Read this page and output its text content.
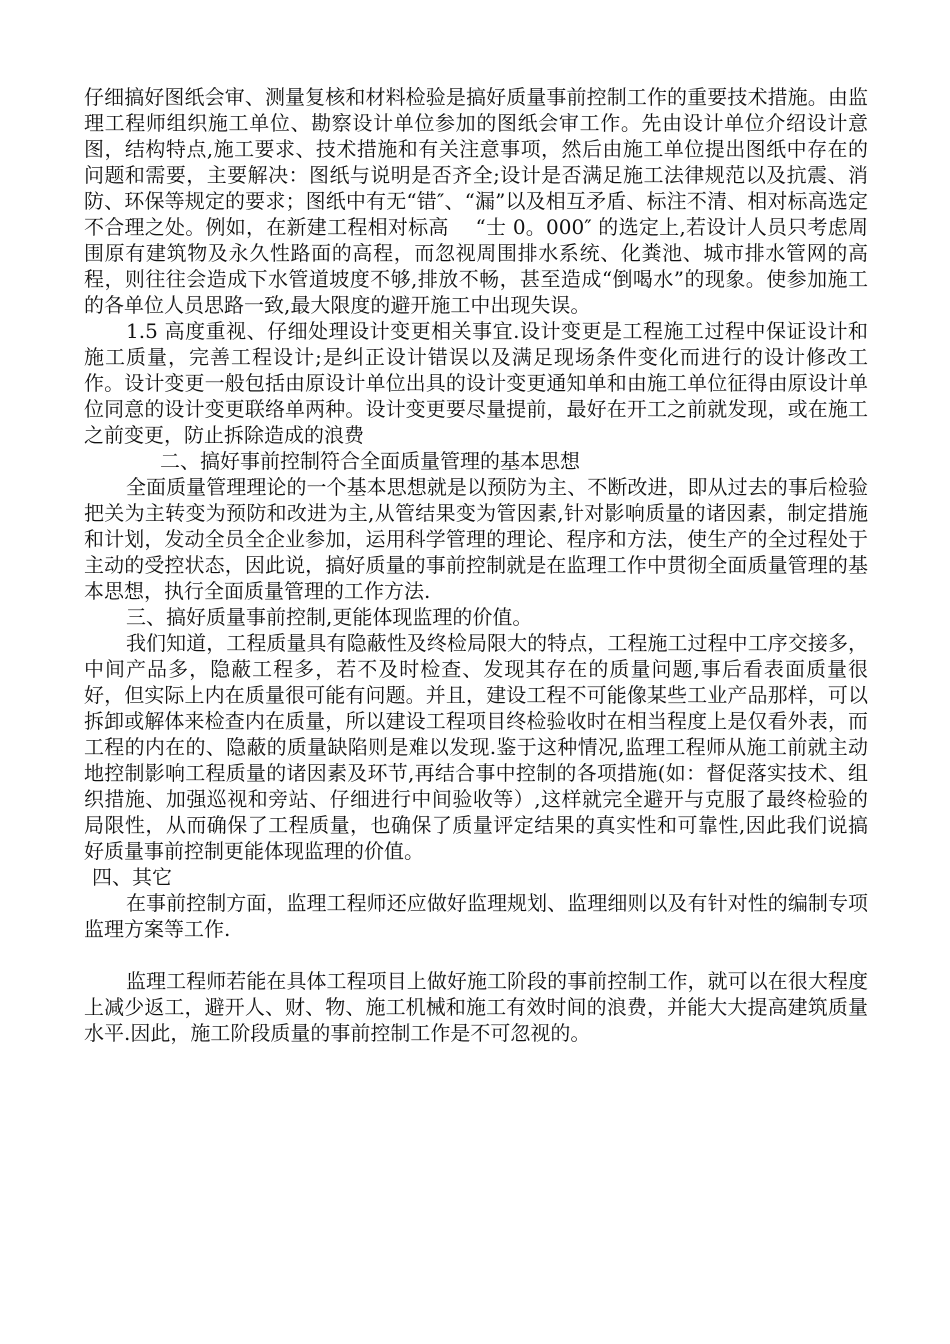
仔细搞好图纸会审、测量复核和材料检验是搞好质量事前控制工作的重要技术措施。由监理工程师组织施工单位、勘察设计单位参加的图纸会审工作。先由设计单位介绍设计意图，结构特点,施工要求、技术措施和有关注意事项，然后由施工单位提出图纸中存在的问题和需要，主要解决：图纸与说明是否齐全;设计是否满足施工法律规范以及抗震、消防、环保等规定的要求；图纸中有无“错″、“漏”以及相互矛盾、标注不清、相对标高选定不合理之处。例如，在新建工程相对标高　 “士 0。000″ 的选定上,若设计人员只考虑周围原有建筑物及永久性路面的高程，而忽视周围排水系统、化粪池、城市排水管网的高程，则往往会造成下水管道坡度不够,排放不畅，甚至造成“倒喝水”的现象。使参加施工的各单位人员思路一致,最大限度的避开施工中出现失误。

1.5 高度重视、仔细处理设计变更相关事宜.设计变更是工程施工过程中保证设计和施工质量，完善工程设计;是纠正设计错误以及满足现场条件变化而进行的设计修改工作。设计变更一般包括由原设计单位出具的设计变更通知单和由施工单位征得由原设计单位同意的设计变更联络单两种。设计变更要尽量提前，最好在开工之前就发现，或在施工之前变更，防止拆除造成的浪费

二、搞好事前控制符合全面质量管理的基本思想

全面质量管理理论的一个基本思想就是以预防为主、不断改进，即从过去的事后检验把关为主转变为预防和改进为主,从管结果变为管因素,针对影响质量的诸因素，制定措施和计划，发动全员全企业参加，运用科学管理的理论、程序和方法，使生产的全过程处于主动的受控状态，因此说，搞好质量的事前控制就是在监理工作中贯彻全面质量管理的基本思想，执行全面质量管理的工作方法.

三、搞好质量事前控制,更能体现监理的价值。

我们知道，工程质量具有隐蔽性及终检局限大的特点，工程施工过程中工序交接多，中间产品多，隐蔽工程多，若不及时检查、发现其存在的质量问题,事后看表面质量很好，但实际上内在质量很可能有问题。并且，建设工程不可能像某些工业产品那样，可以拆卸或解体来检查内在质量，所以建设工程项目终检验收时在相当程度上是仅看外表，而工程的内在的、隐蔽的质量缺陷则是难以发现.鉴于这种情况,监理工程师从施工前就主动地控制影响工程质量的诸因素及环节,再结合事中控制的各项措施(如：督促落实技术、组织措施、加强巡视和旁站、仔细进行中间验收等）,这样就完全避开与克服了最终检验的局限性，从而确保了工程质量，也确保了质量评定结果的真实性和可靠性,因此我们说搞好质量事前控制更能体现监理的价值。

四、其它

在事前控制方面，监理工程师还应做好监理规划、监理细则以及有针对性的编制专项监理方案等工作.

监理工程师若能在具体工程项目上做好施工阶段的事前控制工作，就可以在很大程度上减少返工，避开人、财、物、施工机械和施工有效时间的浪费，并能大大提高建筑质量水平.因此，施工阶段质量的事前控制工作是不可忽视的。
